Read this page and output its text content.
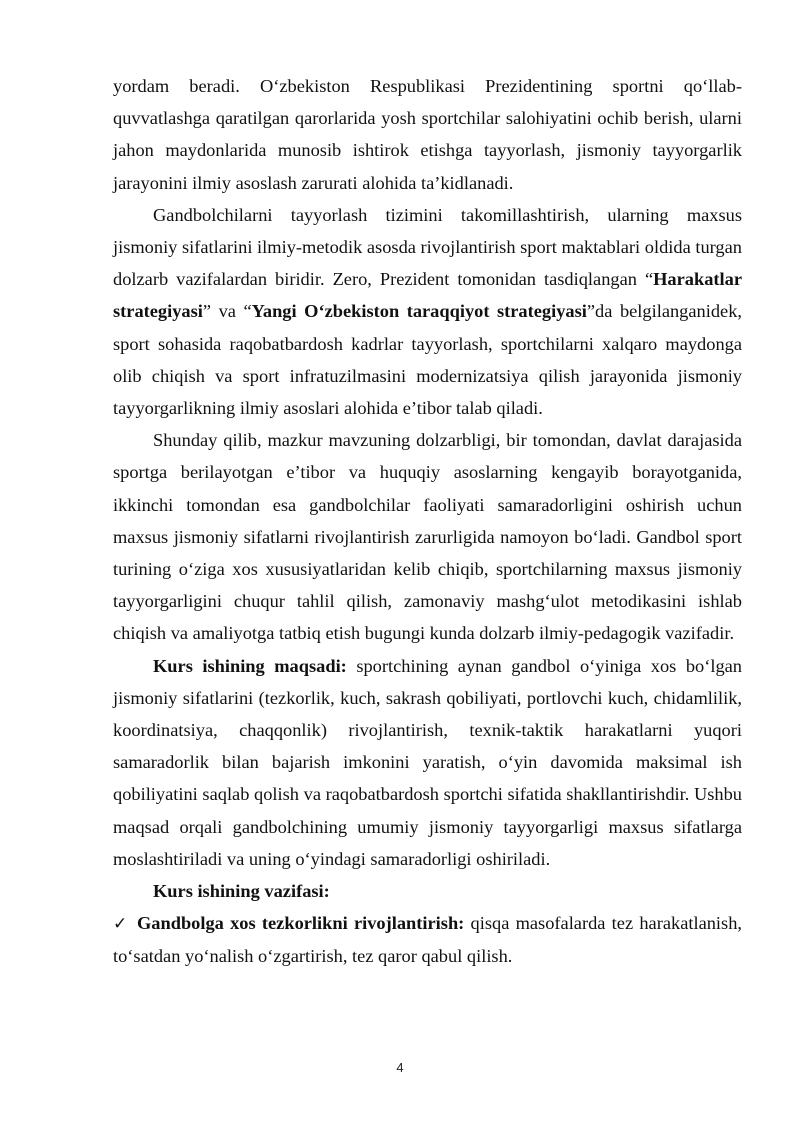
yordam beradi. O‘zbekiston Respublikasi Prezidentining sportni qo‘llab-quvvatlashga qaratilgan qarorlarida yosh sportchilar salohiyatini ochib berish, ularni jahon maydonlarida munosib ishtirok etishga tayyorlash, jismoniy tayyorgarlik jarayonini ilmiy asoslash zarurati alohida ta’kidlanadi.

Gandbolchilarni tayyorlash tizimini takomillashtirish, ularning maxsus jismoniy sifatlarini ilmiy-metodik asosda rivojlantirish sport maktablari oldida turgan dolzarb vazifalardan biridir. Zero, Prezident tomonidan tasdiqlangan “Harakatlar strategiyasi” va “Yangi O‘zbekiston taraqqiyot strategiyasi”da belgilanganidek, sport sohasida raqobatbardosh kadrlar tayyorlash, sportchilarni xalqaro maydonga olib chiqish va sport infratuzilmasini modernizatsiya qilish jarayonida jismoniy tayyorgarlikning ilmiy asoslari alohida e’tibor talab qiladi.

Shunday qilib, mazkur mavzuning dolzarbligi, bir tomondan, davlat darajasida sportga berilayotgan e’tibor va huquqiy asoslarning kengayib borayotganida, ikkinchi tomondan esa gandbolchilar faoliyati samaradorligini oshirish uchun maxsus jismoniy sifatlarni rivojlantirish zarurligida namoyon bo‘ladi. Gandbol sport turining o‘ziga xos xususiyatlaridan kelib chiqib, sportchilarning maxsus jismoniy tayyorgarligini chuqur tahlil qilish, zamonaviy mashg‘ulot metodikasini ishlab chiqish va amaliyotga tatbiq etish bugungi kunda dolzarb ilmiy-pedagogik vazifadir.

Kurs ishining maqsadi: sportchining aynan gandbol o‘yiniga xos bo‘lgan jismoniy sifatlarini (tezkorlik, kuch, sakrash qobiliyati, portlovchi kuch, chidamlilik, koordinatsiya, chaqqonlik) rivojlantirish, texnik-taktik harakatlarni yuqori samaradorlik bilan bajarish imkonini yaratish, o‘yin davomida maksimal ish qobiliyatini saqlab qolish va raqobatbardosh sportchi sifatida shakllantirishdir. Ushbu maqsad orqali gandbolchining umumiy jismoniy tayyorgarligi maxsus sifatlarga moslashtiriladi va uning o‘yindagi samaradorligi oshiriladi.

Kurs ishining vazifasi:

✓ Gandbolga xos tezkorlikni rivojlantirish: qisqa masofalarda tez harakatlanish, to‘satdan yo‘nalish o‘zgartirish, tez qaror qabul qilish.

4
